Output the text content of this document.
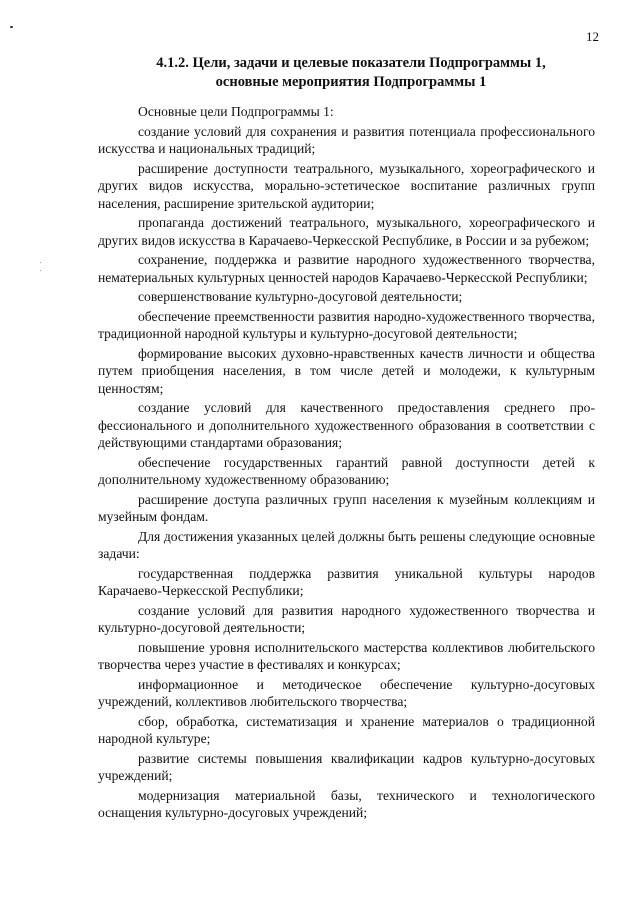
12
4.1.2. Цели, задачи и целевые показатели Подпрограммы 1,
основные мероприятия Подпрограммы 1

Основные цели Подпрограммы 1:

создание условий для сохранения и развития потенциала профессионального искусства и национальных традиций;

расширение доступности театрального, музыкального, хореографического и других видов искусства, морально-эстетическое воспитание различных групп населения, расширение зрительской аудитории;

пропаганда достижений театрального, музыкального, хореографического и других видов искусства в Карачаево-Черкесской Республике, в России и за рубежом;

сохранение, поддержка и развитие народного художественного творчества, нематериальных культурных ценностей народов Карачаево-Черкесской Республики;

совершенствование культурно-досуговой деятельности;

обеспечение преемственности развития народно-художественного творчества, традиционной народной культуры и культурно-досуговой деятельности;

формирование высоких духовно-нравственных качеств личности и общества путем приобщения населения, в том числе детей и молодежи, к культурным ценностям;

создание условий для качественного предоставления среднего профессионального и дополнительного художественного образования в соответствии с действующими стандартами образования;

обеспечение государственных гарантий равной доступности детей к дополнительному художественному образованию;

расширение доступа различных групп населения к музейным коллекциям и музейным фондам.

Для достижения указанных целей должны быть решены следующие основные задачи:

государственная поддержка развития уникальной культуры народов Карачаево-Черкесской Республики;

создание условий для развития народного художественного творчества и культурно-досуговой деятельности;

повышение уровня исполнительского мастерства коллективов любительского творчества через участие в фестивалях и конкурсах;

информационное и методическое обеспечение культурно-досуговых учреждений, коллективов любительского творчества;

сбор, обработка, систематизация и хранение материалов о традиционной народной культуре;

развитие системы повышения квалификации кадров культурно-досуговых учреждений;

модернизация материальной базы, технического и технологического оснащения культурно-досуговых учреждений;
